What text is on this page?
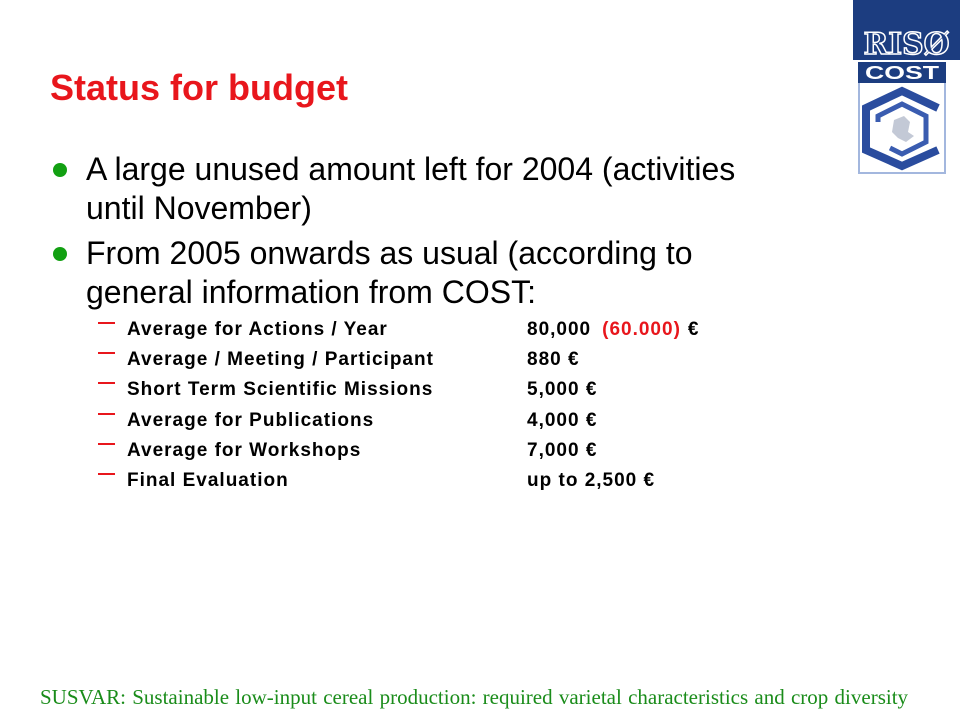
RISØ
COST
Status for budget
A large unused amount left for 2004 (activities
until November)
From 2005 onwards as usual (according to
general information from COST:
Average for Actions / Year	80,000 (60.000) €
Average / Meeting / Participant	880 €
Short Term Scientific Missions	5,000 €
Average for Publications	4,000 €
Average for Workshops	7,000 €
Final Evaluation	up to 2,500 €
SUSVAR: Sustainable low-input cereal production: required varietal characteristics and crop diversity
